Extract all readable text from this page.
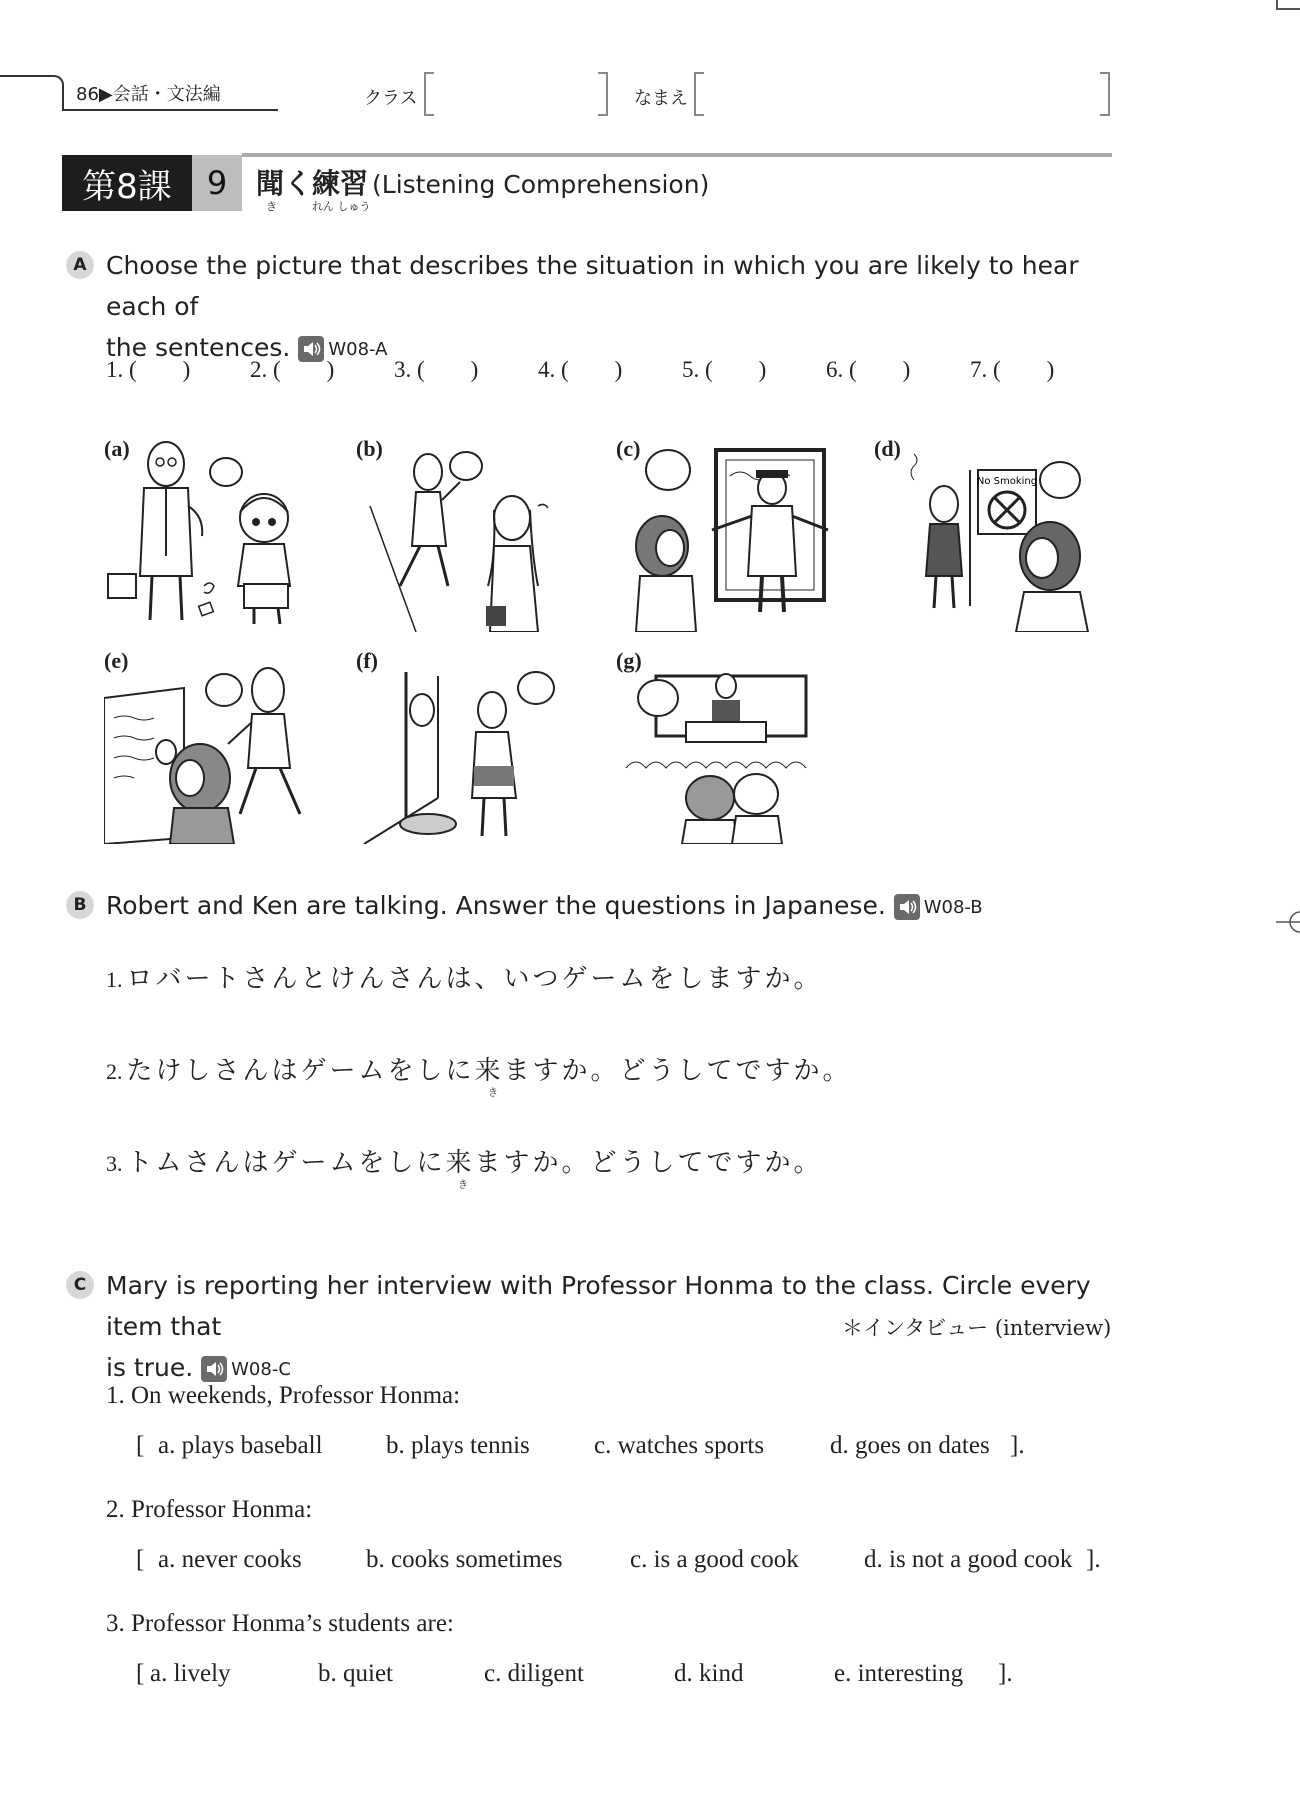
86▶会話・文法編	クラス	なまえ
第8課	9	聞く練習 (Listening Comprehension)
き	れん しゅう
A Choose the picture that describes the situation in which you are likely to hear each of
the sentences. W08-A
1. ( )	2. ( )	3. ( )	4. ( )	5. ( )	6. ( )	7. ( )
(a)	(b)	(c)	(d)
No Smoking
(e)	(f)	(g)
B Robert and Ken are talking. Answer the questions in Japanese. W08-B
1. ロバートさんとけんさんは、いつゲームをしますか。
2. たけしさんはゲームをしに来ますか。どうしてですか。
き
3. トムさんはゲームをしに来ますか。どうしてですか。
き
C Mary is reporting her interview with Professor Honma to the class. Circle every item that
is true. W08-C
＊インタビュー (interview)
1. On weekends, Professor Honma:
[ a. plays baseball	b. plays tennis	c. watches sports	d. goes on dates ].
2. Professor Honma:
[ a. never cooks	b. cooks sometimes	c. is a good cook	d. is not a good cook ].
3. Professor Honma’s students are:
[ a. lively	b. quiet	c. diligent	d. kind	e. interesting ].
